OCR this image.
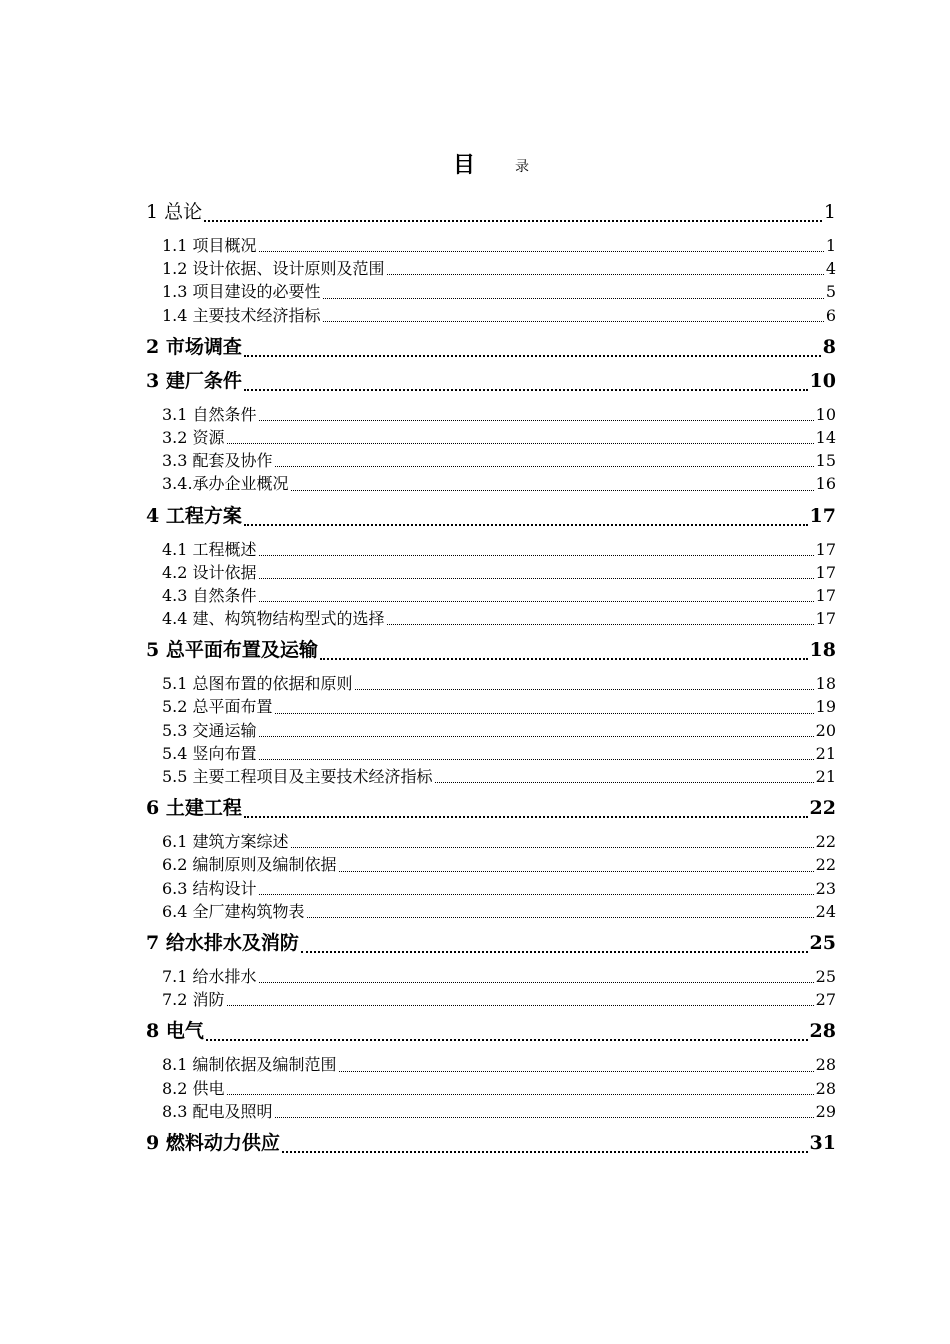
目	录
1 总论	1
1.1 项目概况	1
1.2 设计依据、设计原则及范围	4
1.3 项目建设的必要性	5
1.4 主要技术经济指标	6
2 市场调查	8
3 建厂条件	10
3.1 自然条件	10
3.2 资源	14
3.3 配套及协作	15
3.4.承办企业概况	16
4 工程方案	17
4.1 工程概述	17
4.2 设计依据	17
4.3 自然条件	17
4.4 建、构筑物结构型式的选择	17
5 总平面布置及运输	18
5.1 总图布置的依据和原则	18
5.2 总平面布置	19
5.3 交通运输	20
5.4 竖向布置	21
5.5 主要工程项目及主要技术经济指标	21
6 土建工程	22
6.1 建筑方案综述	22
6.2 编制原则及编制依据	22
6.3 结构设计	23
6.4 全厂建构筑物表	24
7 给水排水及消防	25
7.1 给水排水	25
7.2 消防	27
8 电气	28
8.1 编制依据及编制范围	28
8.2 供电	28
8.3 配电及照明	29
9 燃料动力供应	31
